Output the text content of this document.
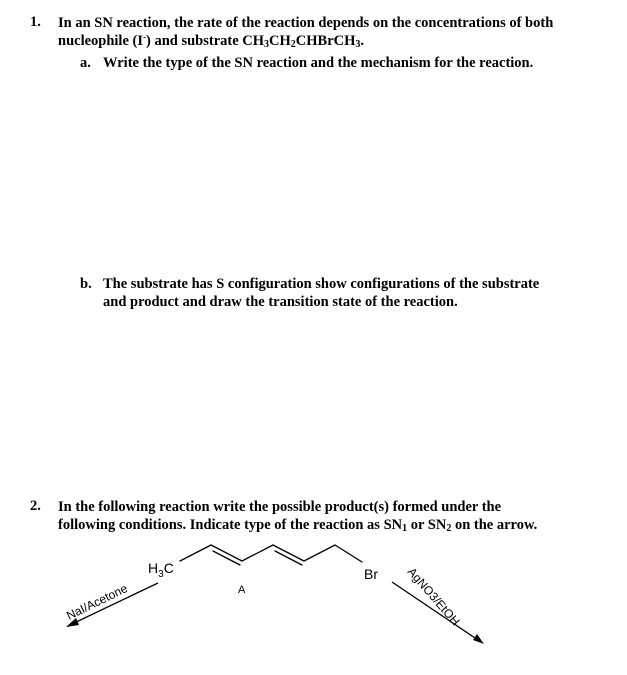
1. In an SN reaction, the rate of the reaction depends on the concentrations of both
nucleophile (I-) and substrate CH3CH2CHBrCH3.
a. Write the type of the SN reaction and the mechanism for the reaction.
b. The substrate has S configuration show configurations of the substrate
and product and draw the transition state of the reaction.
2. In the following reaction write the possible product(s) formed under the
following conditions. Indicate type of the reaction as SN1 or SN2 on the arrow.
$H_3C$	Br
A
NaI/Acetone	AgNO3/EtOH
